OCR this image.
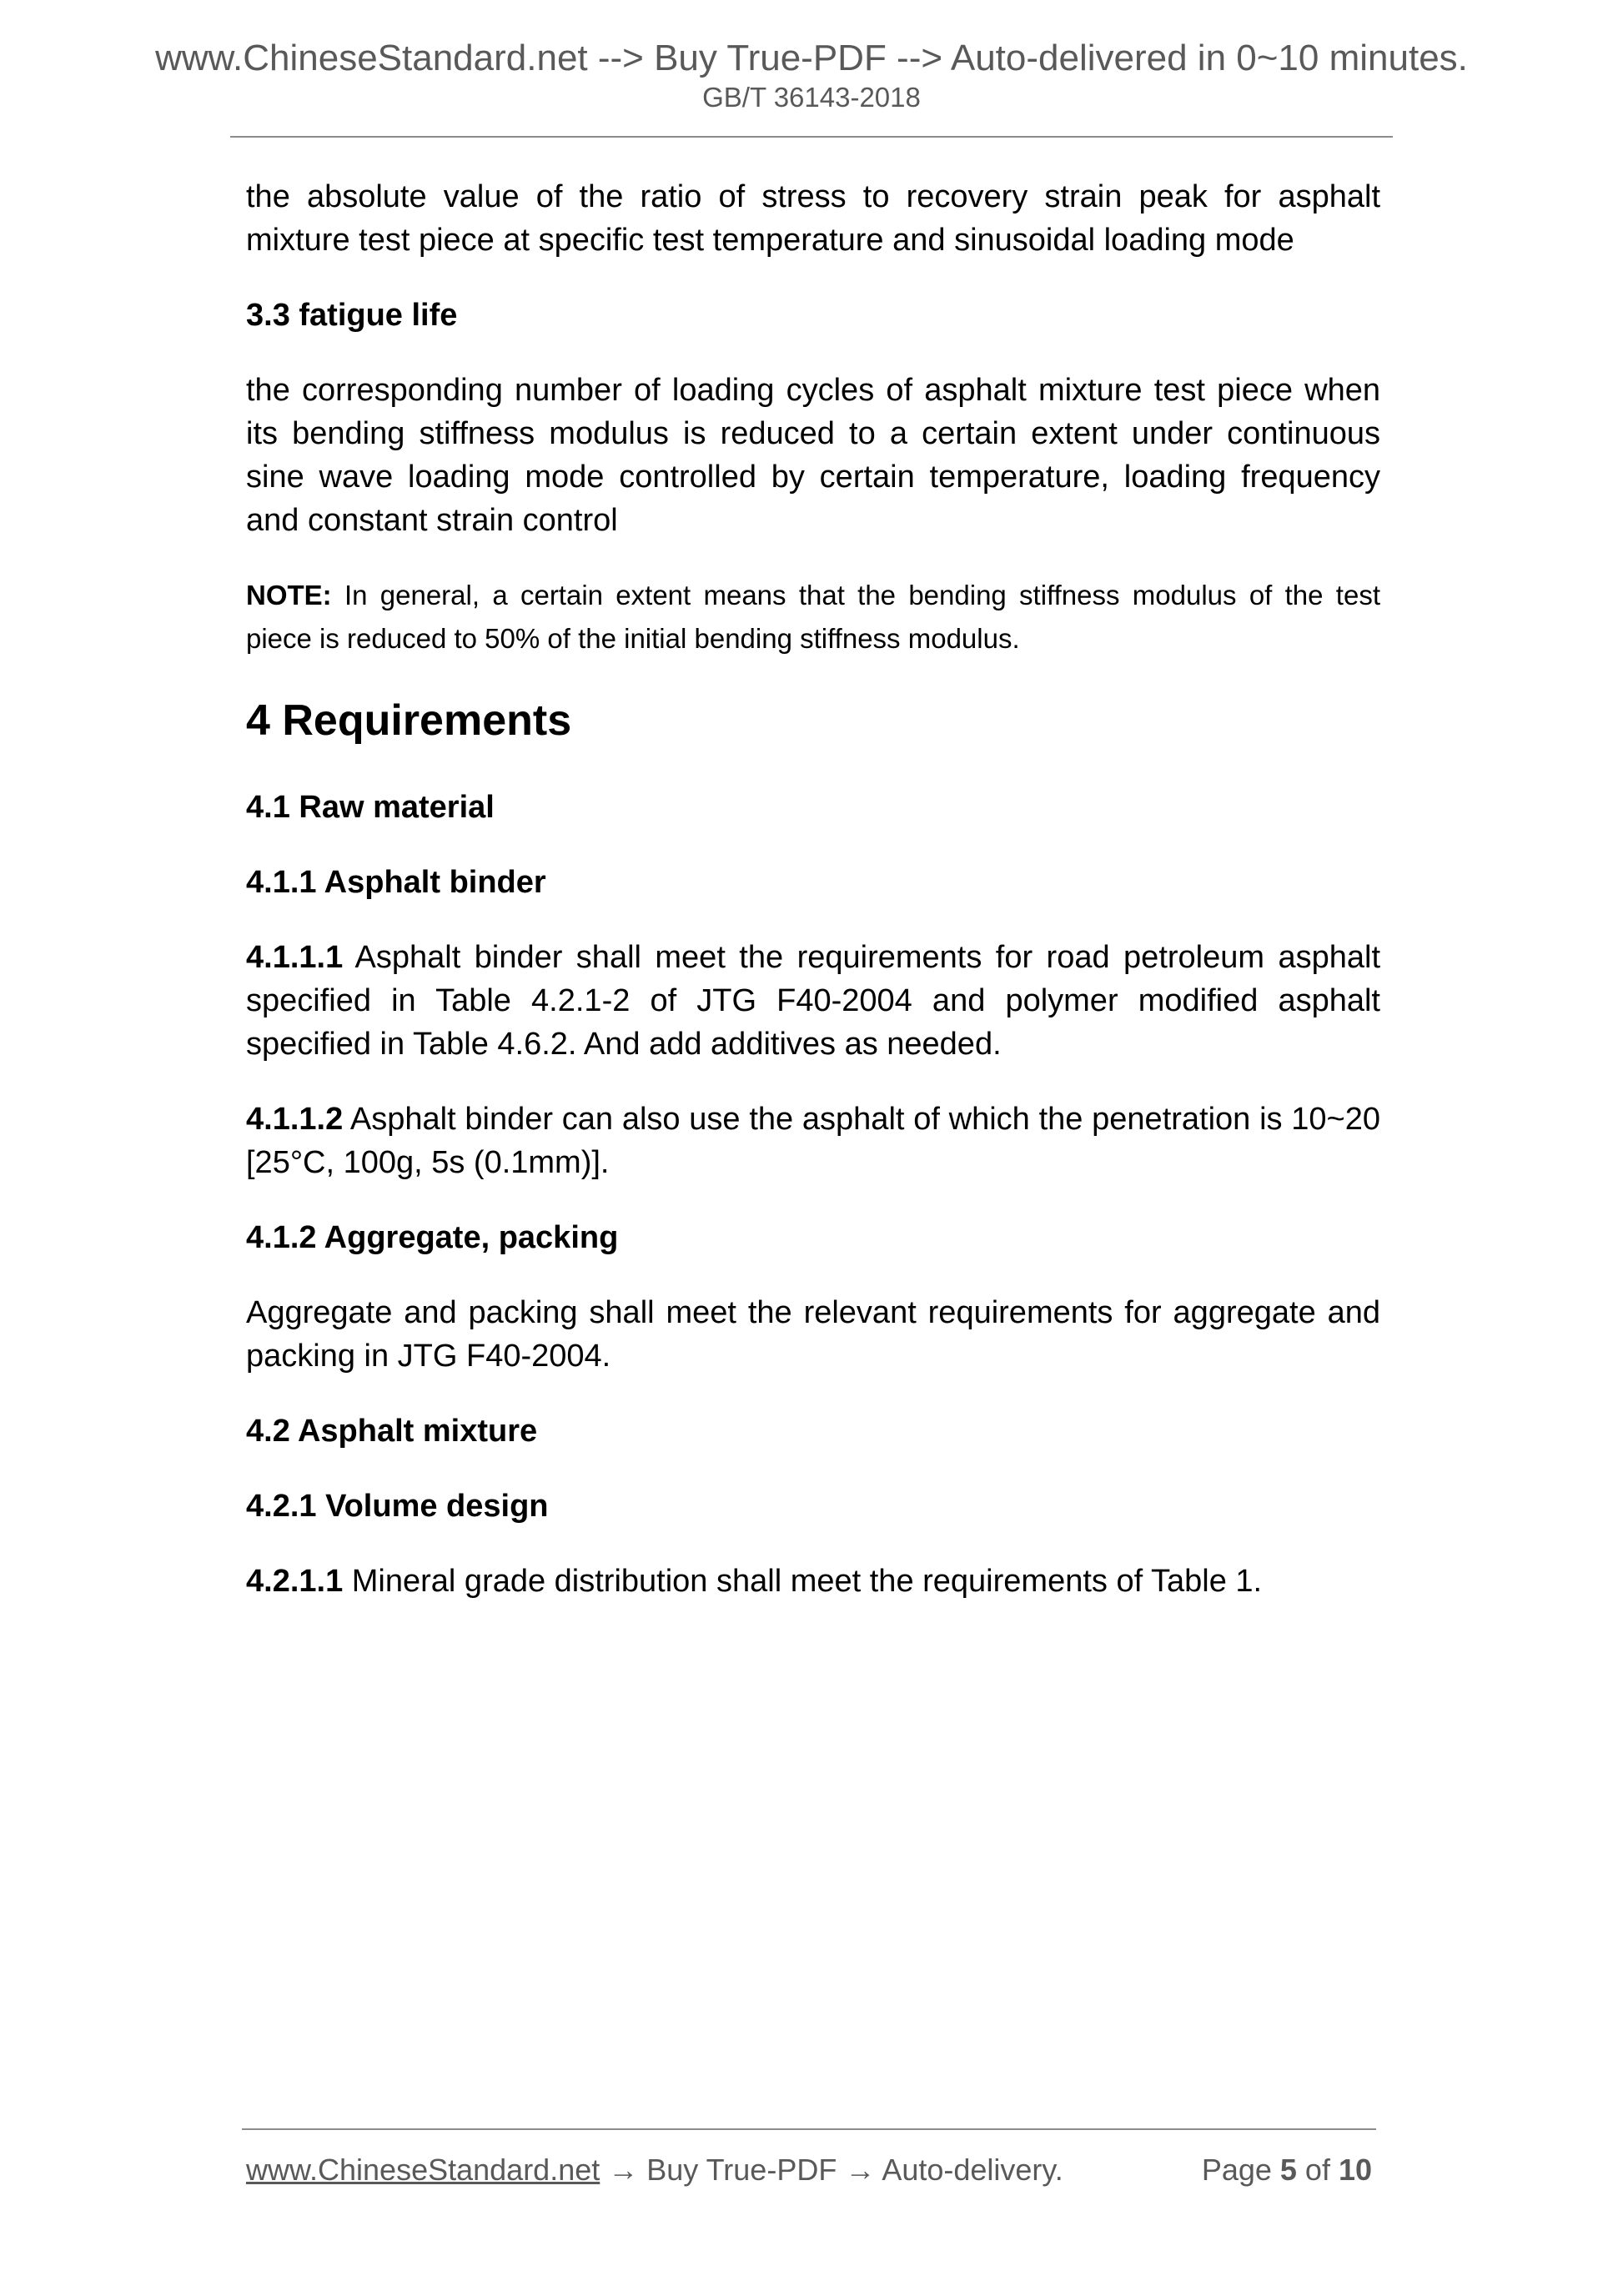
www.ChineseStandard.net --> Buy True-PDF --> Auto-delivered in 0~10 minutes.
GB/T 36143-2018

the absolute value of the ratio of stress to recovery strain peak for asphalt mixture test piece at specific test temperature and sinusoidal loading mode

3.3 fatigue life

the corresponding number of loading cycles of asphalt mixture test piece when its bending stiffness modulus is reduced to a certain extent under continuous sine wave loading mode controlled by certain temperature, loading frequency and constant strain control

NOTE: In general, a certain extent means that the bending stiffness modulus of the test piece is reduced to 50% of the initial bending stiffness modulus.

4 Requirements
4.1 Raw material
4.1.1 Asphalt binder

4.1.1.1 Asphalt binder shall meet the requirements for road petroleum asphalt specified in Table 4.2.1-2 of JTG F40-2004 and polymer modified asphalt specified in Table 4.6.2. And add additives as needed.

4.1.1.2 Asphalt binder can also use the asphalt of which the penetration is 10~20 [25°C, 100g, 5s (0.1mm)].

4.1.2 Aggregate, packing

Aggregate and packing shall meet the relevant requirements for aggregate and packing in JTG F40-2004.

4.2 Asphalt mixture
4.2.1 Volume design

4.2.1.1 Mineral grade distribution shall meet the requirements of Table 1.

www.ChineseStandard.net → Buy True-PDF → Auto-delivery.	Page 5 of 10
